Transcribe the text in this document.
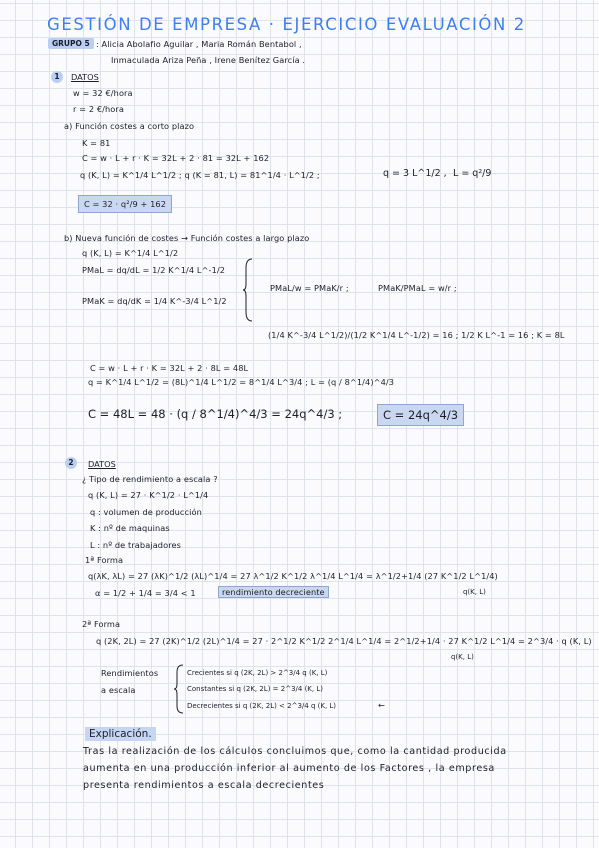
GESTIÓN DE EMPRESA · EJERCICIO EVALUACIÓN 2
GRUPO 5 : Alicia Abolafio Aguilar , Maria Román Bentabol ,
Inmaculada Ariza Peña , Irene Benítez García .
1	DATOS
w = 32 €/hora
r = 2 €/hora
a) Función costes a corto plazo
K = 81
C = w · L + r · K = 32L + 2 · 81 = 32L + 162
q (K, L) = K^1/4 L^1/2 ; q (K = 81, L) = 81^1/4 · L^1/2 ;	q = 3 L^1/2 , L = q²/9
C = 32 · q²/9 + 162
b) Nueva función de costes → Función costes a largo plazo
q (K, L) = K^1/4 L^1/2
PMaL = dq/dL = 1/2 K^1/4 L^-1/2
PMaK = dq/dK = 1/4 K^-3/4 L^1/2
PMaL/w = PMaK/r ;	PMaK/PMaL = w/r ;
(1/4 K^-3/4 L^1/2)/(1/2 K^1/4 L^-1/2) = 16 ; 1/2 K L^-1 = 16 ; K = 8L
C = w · L + r · K = 32L + 2 · 8L = 48L
q = K^1/4 L^1/2 = (8L)^1/4 L^1/2 = 8^1/4 L^3/4 ; L = (q / 8^1/4)^4/3
C = 48L = 48 · (q / 8^1/4)^4/3 = 24q^4/3 ;	C = 24q^4/3
2	DATOS
¿ Tipo de rendimiento a escala ?
q (K, L) = 27 · K^1/2 · L^1/4
q : volumen de producción
K : nº de maquinas
L : nº de trabajadores
1ª Forma
q(λK, λL) = 27 (λK)^1/2 (λL)^1/4 = 27 λ^1/2 K^1/2 λ^1/4 L^1/4 = λ^1/2+1/4 (27 K^1/2 L^1/4)
q(K, L)
α = 1/2 + 1/4 = 3/4 < 1	rendimiento decreciente
2ª Forma
q (2K, 2L) = 27 (2K)^1/2 (2L)^1/4 = 27 · 2^1/2 K^1/2 2^1/4 L^1/4 = 2^1/2+1/4 · 27 K^1/2 L^1/4 = 2^3/4 · q (K, L)
q(K, L)
Rendimientos
a escala
Crecientes si q (2K, 2L) > 2^3/4 q (K, L)
Constantes si q (2K, 2L) = 2^3/4 (K, L)
Decrecientes si q (2K, 2L) < 2^3/4 q (K, L)	←
Explicación.
Tras la realización de los cálculos concluimos que, como la cantidad producida
aumenta en una producción inferior al aumento de los Factores , la empresa
presenta rendimientos a escala decrecientes
